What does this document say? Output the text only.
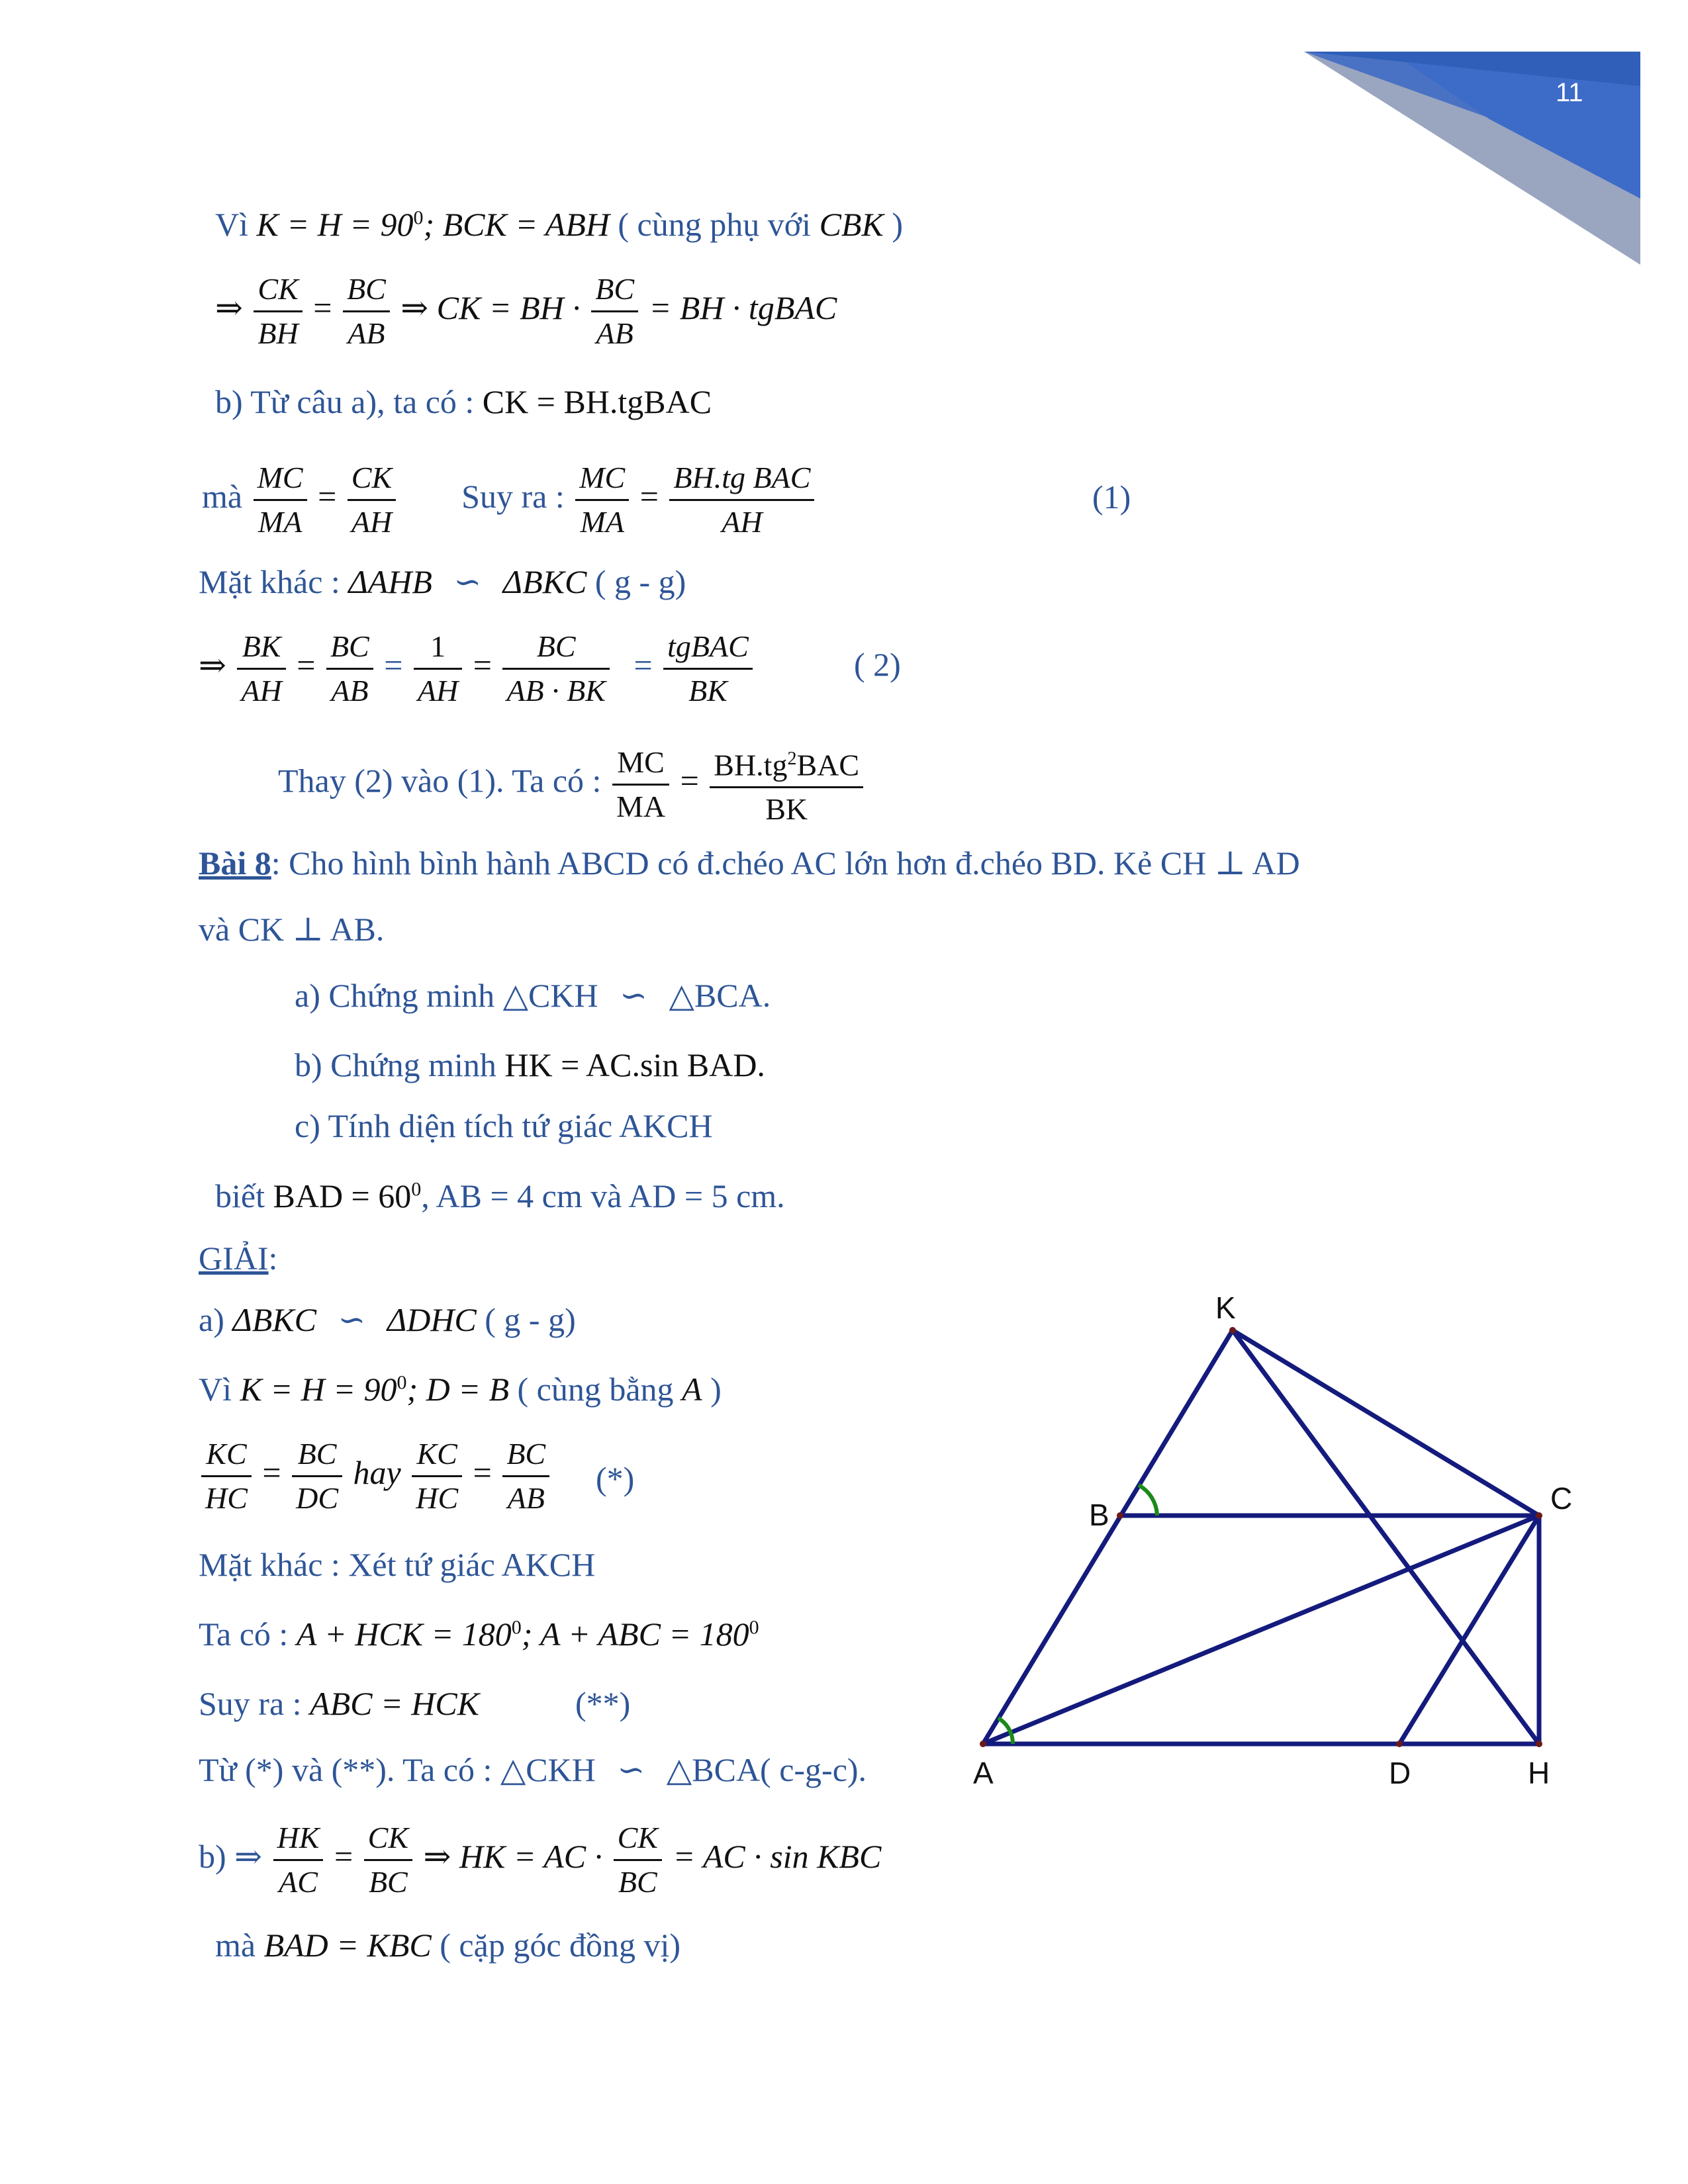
11
Vì $K = H = 90^0$; BCK = ABH ( cùng phụ với CBK )
⇒ $\frac{CK}{BH} = \frac{BC}{AB}$ ⇒ CK = BH · $\frac{BC}{AB}$ = BH · tgBAC
b) Từ câu a), ta có : CK = BH.tgBAC
mà $\frac{MC}{MA} = \frac{CK}{AH}$ Suy ra : $\frac{MC}{MA} = \frac{\text{BH.tg BAC}}{AH}$	(1)
Mặt khác : ΔAHB ∽ ΔBKC ( g - g)
⇒ $\frac{BK}{AH} = \frac{BC}{AB} = \frac{1}{AH} = \frac{BC}{AB \cdot BK} = \frac{\text{tgBAC}}{BK}$	( 2)
Thay (2) vào (1). Ta có : $\frac{MC}{MA} = \frac{BH.tg^2BAC}{BK}$
Bài 8: Cho hình bình hành ABCD có đ.chéo AC lớn hơn đ.chéo BD. Kẻ CH ⊥ AD
và CK ⊥ AB.
a) Chứng minh △CKH ∽ △BCA.
b) Chứng minh HK = AC.sin BAD.
c) Tính diện tích tứ giác AKCH
biết BAD = $60^0$, AB = 4 cm và AD = 5 cm.
GIẢI:
a) ΔBKC ∽ ΔDHC ( g - g)
Vì $K = H = 90^0$; D = B ( cùng bằng A )
$\frac{KC}{HC} = \frac{BC}{DC}$ hay $\frac{KC}{HC} = \frac{BC}{AB}$ (*)
Mặt khác : Xét tứ giác AKCH
Ta có : A + HCK = $180^0$; A + ABC = $180^0$
Suy ra : ABC = HCK	(**)
Từ (*) và (**). Ta có : △CKH ∽ △BCA( c-g-c).
b) ⇒ $\frac{HK}{AC} = \frac{CK}{BC}$ ⇒ HK = AC · $\frac{CK}{BC}$ = AC · sin KBC
mà BAD = KBC ( cặp góc đồng vị)
K
B	C
A	D	H
